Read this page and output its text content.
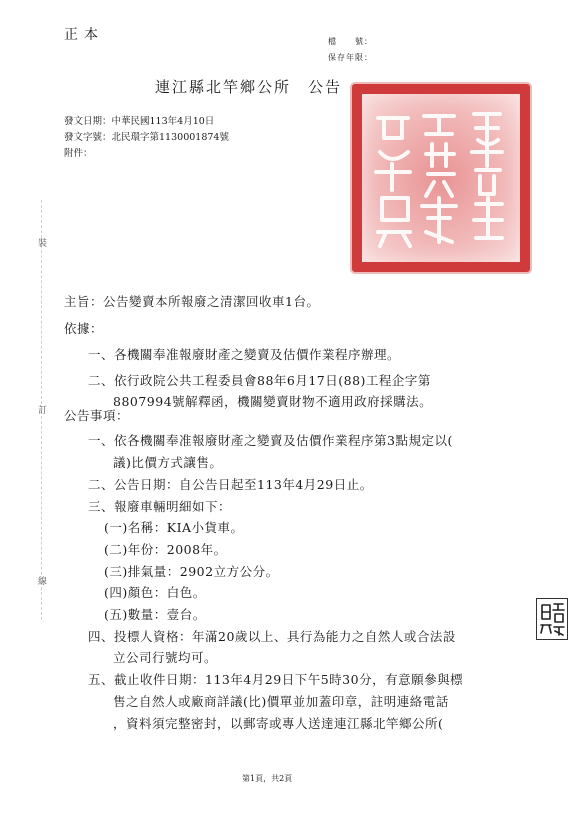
正本	檔　　號：
保存年限：
連江縣北竿鄉公所　公告
發文日期：中華民國113年4月10日
發文字號：北民環字第1130001874號
附件：
裝
訂
線
主旨：公告變賣本所報廢之清潔回收車1台。
依據：
一、各機關奉准報廢財產之變賣及估價作業程序辦理。
二、依行政院公共工程委員會88年6月17日(88)工程企字第
8807994號解釋函，機關變賣財物不適用政府採購法。
公告事項：
一、依各機關奉准報廢財產之變賣及估價作業程序第3點規定以(
議)比價方式讓售。
二、公告日期：自公告日起至113年4月29日止。
三、報廢車輛明細如下：
(一)名稱：KIA小貨車。
(二)年份：2008年。
(三)排氣量：2902立方公分。
(四)顏色：白色。
(五)數量：壹台。
四、投標人資格：年滿20歲以上、具行為能力之自然人或合法設
立公司行號均可。
五、截止收件日期：113年4月29日下午5時30分，有意願參與標
售之自然人或廠商詳議(比)價單並加蓋印章，註明連絡電話
，資料須完整密封，以郵寄或專人送達連江縣北竿鄉公所(
第1頁，共2頁
